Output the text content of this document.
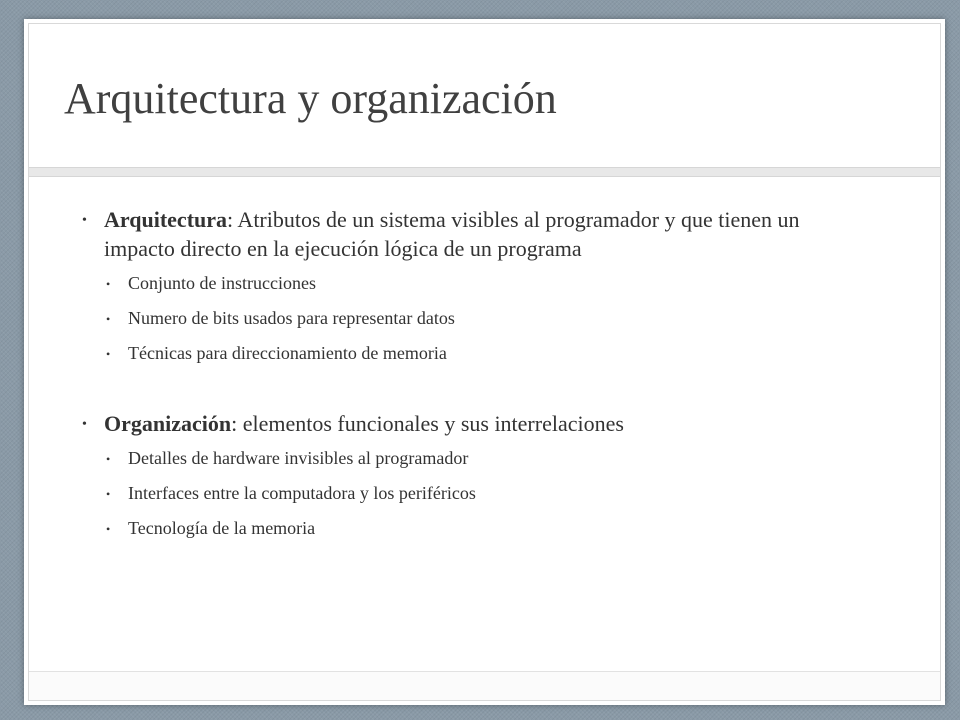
Arquitectura y organización
• Arquitectura: Atributos de un sistema visibles al programador y que tienen un impacto directo en la ejecución lógica de un programa
• Conjunto de instrucciones
• Numero de bits usados para representar datos
• Técnicas para direccionamiento de memoria
• Organización: elementos funcionales y sus interrelaciones
• Detalles de hardware invisibles al programador
• Interfaces entre la computadora y los periféricos
• Tecnología de la memoria
